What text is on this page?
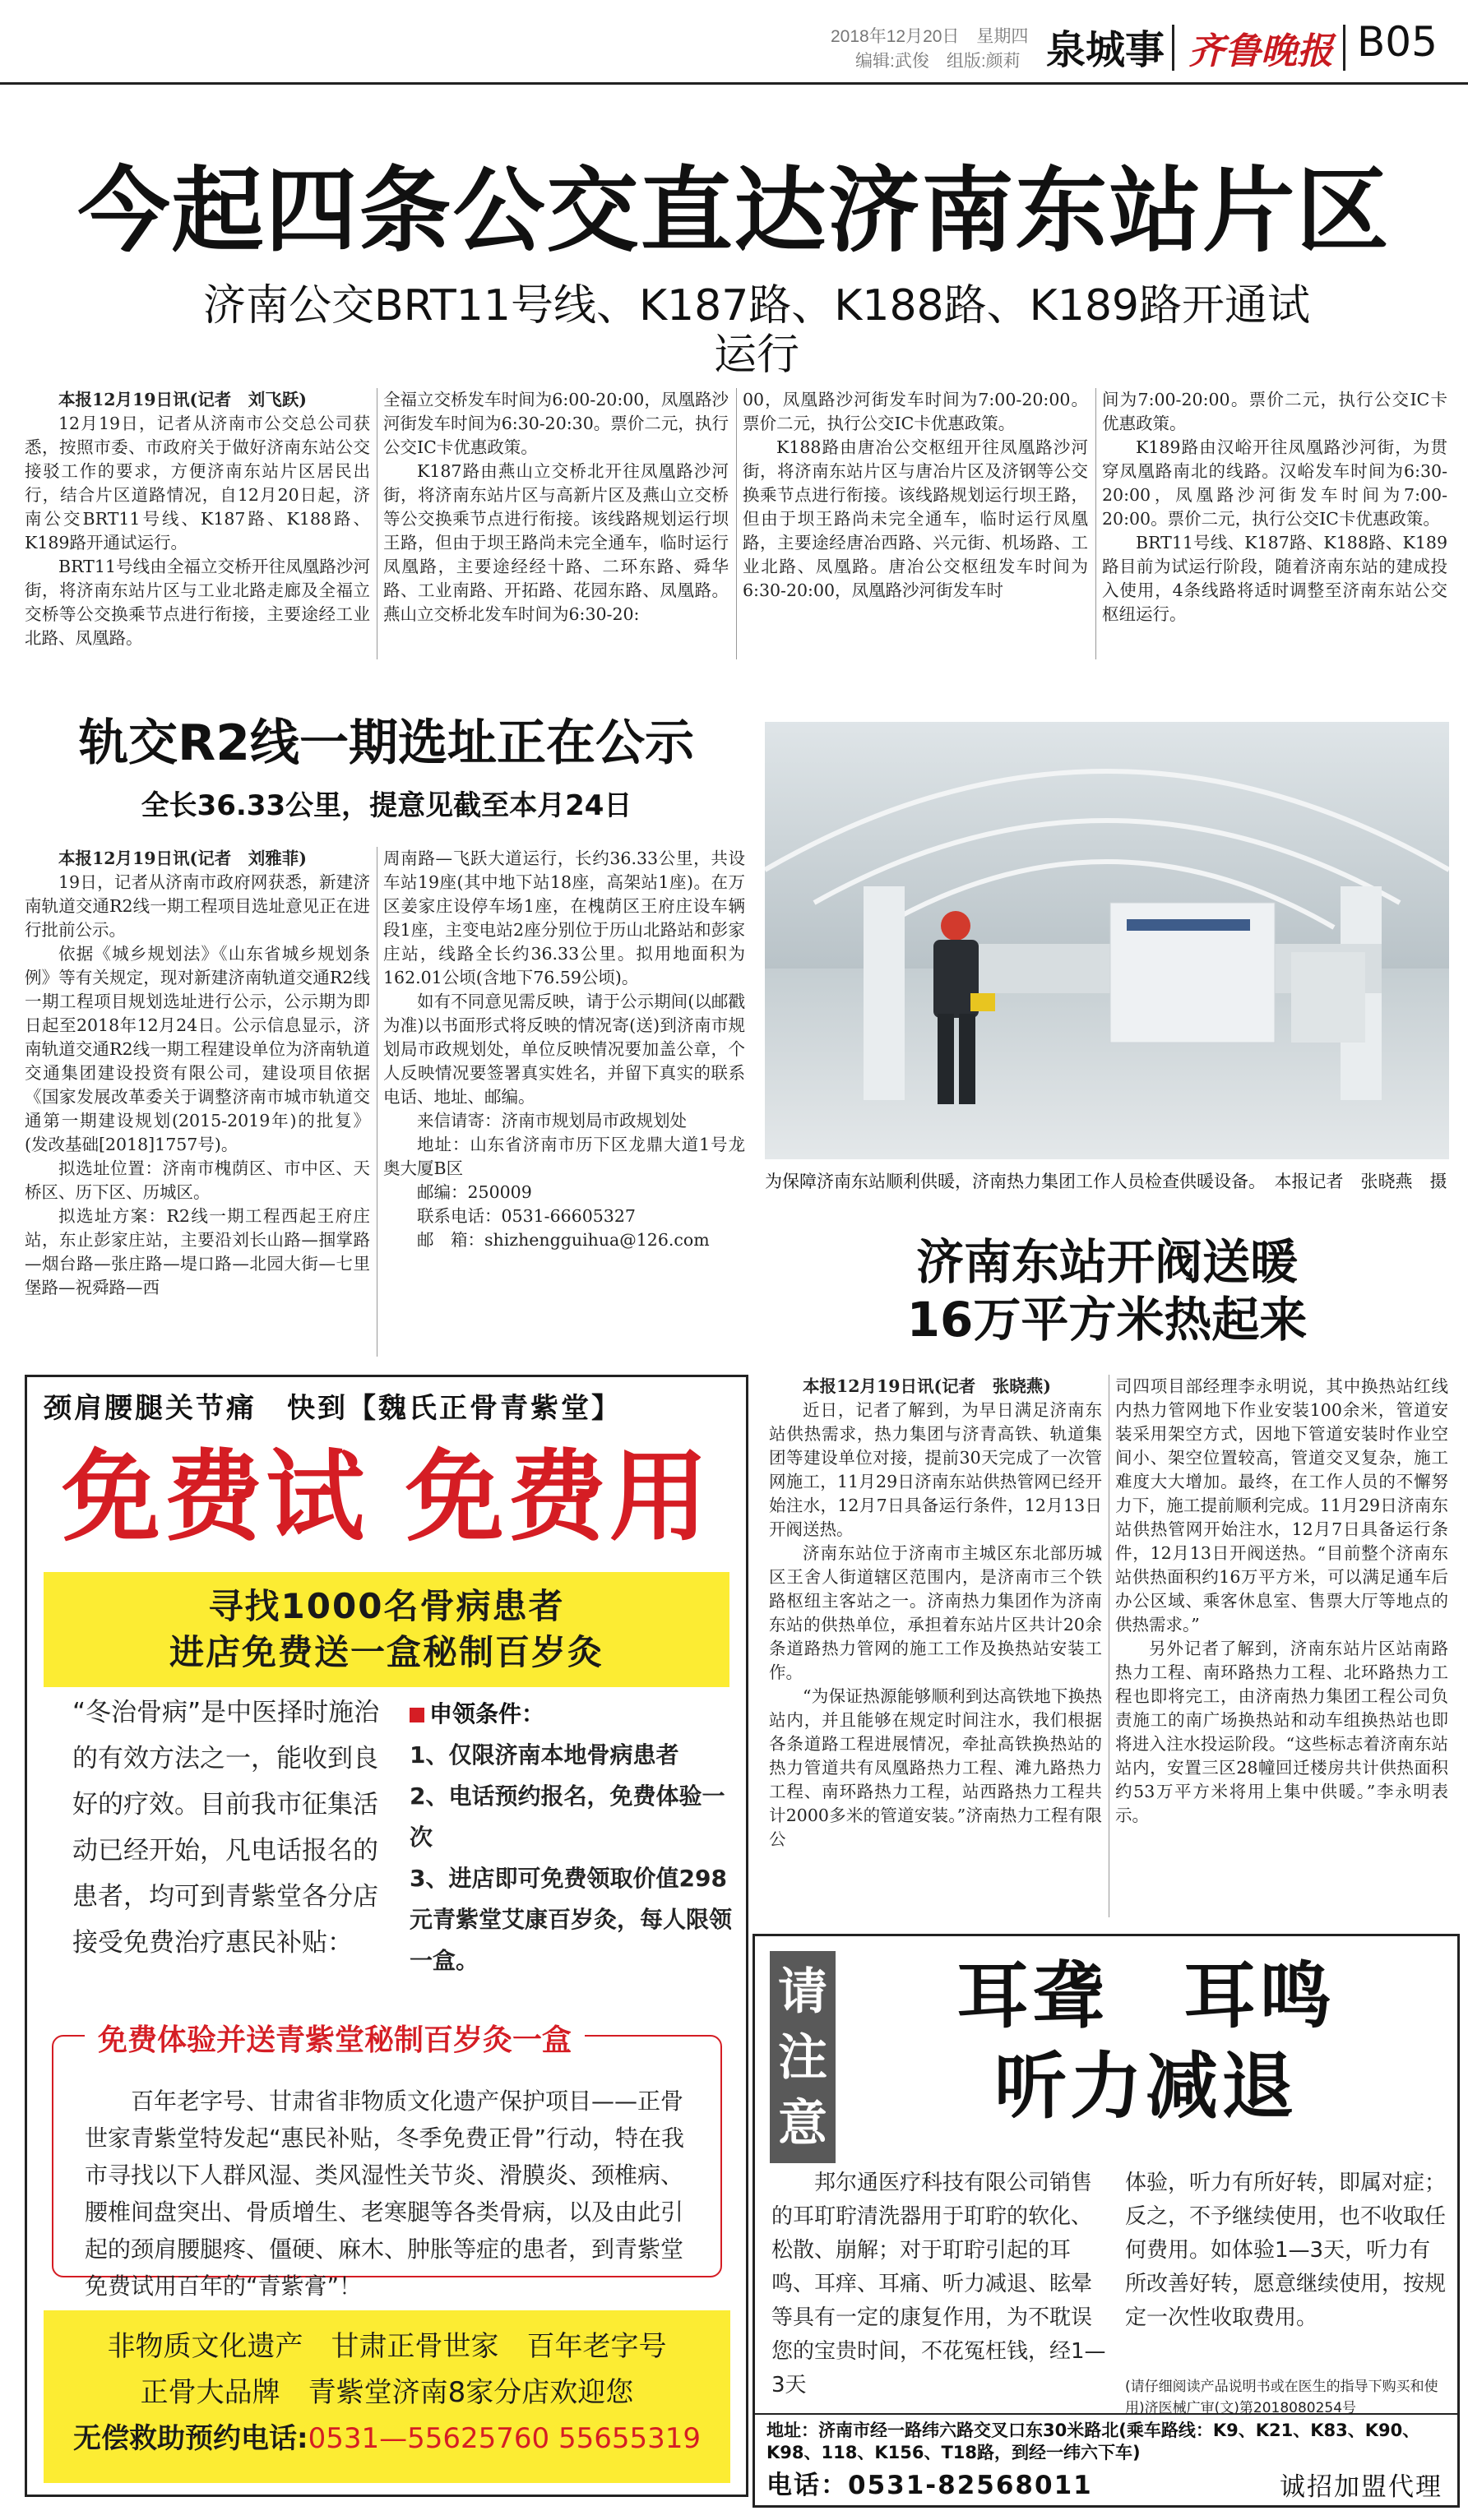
2018年12月20日　星期四
编辑:武俊　组版:颜莉 泉城事 齐鲁晚报 B05
今起四条公交直达济南东站片区
济南公交BRT11号线、K187路、K188路、K189路开通试运行

本报12月19日讯(记者　刘飞跃)

12月19日，记者从济南市公交总公司获悉，按照市委、市政府关于做好济南东站公交接驳工作的要求，方便济南东站片区居民出行，结合片区道路情况，自12月20日起，济南公交BRT11号线、K187路、K188路、K189路开通试运行。

BRT11号线由全福立交桥开往凤凰路沙河街，将济南东站片区与工业北路走廊及全福立交桥等公交换乘节点进行衔接，主要途经工业北路、凤凰路。

全福立交桥发车时间为6:00-20:00，凤凰路沙河街发车时间为6:30-20:30。票价二元，执行公交IC卡优惠政策。

K187路由燕山立交桥北开往凤凰路沙河街，将济南东站片区与高新片区及燕山立交桥等公交换乘节点进行衔接。该线路规划运行坝王路，但由于坝王路尚未完全通车，临时运行凤凰路，主要途经经十路、二环东路、舜华路、工业南路、开拓路、花园东路、凤凰路。燕山立交桥北发车时间为6:30-20:

00，凤凰路沙河街发车时间为7:00-20:00。票价二元，执行公交IC卡优惠政策。

K188路由唐冶公交枢纽开往凤凰路沙河街，将济南东站片区与唐冶片区及济钢等公交换乘节点进行衔接。该线路规划运行坝王路，但由于坝王路尚未完全通车，临时运行凤凰路，主要途经唐冶西路、兴元街、机场路、工业北路、凤凰路。唐冶公交枢纽发车时间为6:30-20:00，凤凰路沙河街发车时

间为7:00-20:00。票价二元，执行公交IC卡优惠政策。

K189路由汉峪开往凤凰路沙河街，为贯穿凤凰路南北的线路。汉峪发车时间为6:30-20:00，凤凰路沙河街发车时间为7:00-20:00。票价二元，执行公交IC卡优惠政策。

BRT11号线、K187路、K188路、K189路目前为试运行阶段，随着济南东站的建成投入使用，4条线路将适时调整至济南东站公交枢纽运行。

轨交R2线一期选址正在公示
全长36.33公里，提意见截至本月24日

本报12月19日讯(记者　刘雅菲)

19日，记者从济南市政府网获悉，新建济南轨道交通R2线一期工程项目选址意见正在进行批前公示。

依据《城乡规划法》《山东省城乡规划条例》等有关规定，现对新建济南轨道交通R2线一期工程项目规划选址进行公示，公示期为即日起至2018年12月24日。公示信息显示，济南轨道交通R2线一期工程建设单位为济南轨道交通集团建设投资有限公司，建设项目依据《国家发展改革委关于调整济南市城市轨道交通第一期建设规划(2015-2019年)的批复》(发改基础[2018]1757号)。

拟选址位置：济南市槐荫区、市中区、天桥区、历下区、历城区。

拟选址方案：R2线一期工程西起王府庄站，东止彭家庄站，主要沿刘长山路—掴掌路—烟台路—张庄路—堤口路—北园大街—七里堡路—祝舜路—西

周南路—飞跃大道运行，长约36.33公里，共设车站19座(其中地下站18座，高架站1座)。在万区姜家庄设停车场1座，在槐荫区王府庄设车辆段1座，主变电站2座分别位于历山北路站和彭家庄站，线路全长约36.33公里。拟用地面积为162.01公顷(含地下76.59公顷)。

如有不同意见需反映，请于公示期间(以邮戳为准)以书面形式将反映的情况寄(送)到济南市规划局市政规划处，单位反映情况要加盖公章，个人反映情况要签署真实姓名，并留下真实的联系电话、地址、邮编。

来信请寄：济南市规划局市政规划处

地址：山东省济南市历下区龙鼎大道1号龙奥大厦B区

邮编：250009

联系电话：0531-66605327

邮　箱：shizhengguihua@126.com

为保障济南东站顺利供暖，济南热力集团工作人员检查供暖设备。　本报记者　张晓燕　摄
济南东站开阀送暖
16万平方米热起来

本报12月19日讯(记者　张晓燕)

近日，记者了解到，为早日满足济南东站供热需求，热力集团与济青高铁、轨道集团等建设单位对接，提前30天完成了一次管网施工，11月29日济南东站供热管网已经开始注水，12月7日具备运行条件，12月13日开阀送热。

济南东站位于济南市主城区东北部历城区王舍人街道辖区范围内，是济南市三个铁路枢纽主客站之一。济南热力集团作为济南东站的供热单位，承担着东站片区共计20余条道路热力管网的施工工作及换热站安装工作。

“为保证热源能够顺利到达高铁地下换热站内，并且能够在规定时间注水，我们根据各条道路工程进展情况，牵扯高铁换热站的热力管道共有凤凰路热力工程、滩九路热力工程、南环路热力工程，站西路热力工程共计2000多米的管道安装。”济南热力工程有限公

司四项目部经理李永明说，其中换热站红线内热力管网地下作业安装100余米，管道安装采用架空方式，因地下管道安装时作业空间小、架空位置较高，管道交叉复杂，施工难度大大增加。最终，在工作人员的不懈努力下，施工提前顺利完成。11月29日济南东站供热管网开始注水，12月7日具备运行条件，12月13日开阀送热。“目前整个济南东站供热面积约16万平方米，可以满足通车后办公区域、乘客休息室、售票大厅等地点的供热需求。”

另外记者了解到，济南东站片区站南路热力工程、南环路热力工程、北环路热力工程也即将完工，由济南热力集团工程公司负责施工的南广场换热站和动车组换热站也即将进入注水投运阶段。“这些标志着济南东站站内，安置三区28幢回迁楼房共计供热面积约53万平方米将用上集中供暖。”李永明表示。

颈肩腰腿关节痛　快到【魏氏正骨青紫堂】
免费试 免费用
寻找1000名骨病患者
进店免费送一盒秘制百岁灸
“冬治骨病”是中医择时施治的有效方法之一，能收到良好的疗效。目前我市征集活动已经开始，凡电话报名的患者，均可到青紫堂各分店接受免费治疗惠民补贴：
申领条件：
1、仅限济南本地骨病患者
2、电话预约报名，免费体验一次
3、进店即可免费领取价值298元青紫堂艾康百岁灸，每人限领一盒。
免费体验并送青紫堂秘制百岁灸一盒
百年老字号、甘肃省非物质文化遗产保护项目——正骨世家青紫堂特发起“惠民补贴，冬季免费正骨”行动，特在我市寻找以下人群风湿、类风湿性关节炎、滑膜炎、颈椎病、腰椎间盘突出、骨质增生、老寒腿等各类骨病，以及由此引起的颈肩腰腿疼、僵硬、麻木、肿胀等症的患者，到青紫堂免费试用百年的“青紫膏”！
非物质文化遗产　甘肃正骨世家　百年老字号
正骨大品牌　青紫堂济南8家分店欢迎您
无偿救助预约电话:0531—55625760 55655319
请注意
耳聋　耳鸣
听力减退
邦尔通医疗科技有限公司销售的耳耵聍清洗器用于耵聍的软化、松散、崩解；对于耵聍引起的耳鸣、耳痒、耳痛、听力减退、眩晕等具有一定的康复作用，为不耽误您的宝贵时间，不花冤枉钱，经1—3天
体验，听力有所好转，即属对症；反之，不予继续使用，也不收取任何费用。如体验1—3天，听力有所改善好转，愿意继续使用，按规定一次性收取费用。
(请仔细阅读产品说明书或在医生的指导下购买和使用)济医械广审(文)第2018080254号
地址：济南市经一路纬六路交叉口东30米路北(乘车路线：K9、K21、K83、K90、K98、118、K156、T18路，到经一纬六下车)
电话：0531-82568011	诚招加盟代理
